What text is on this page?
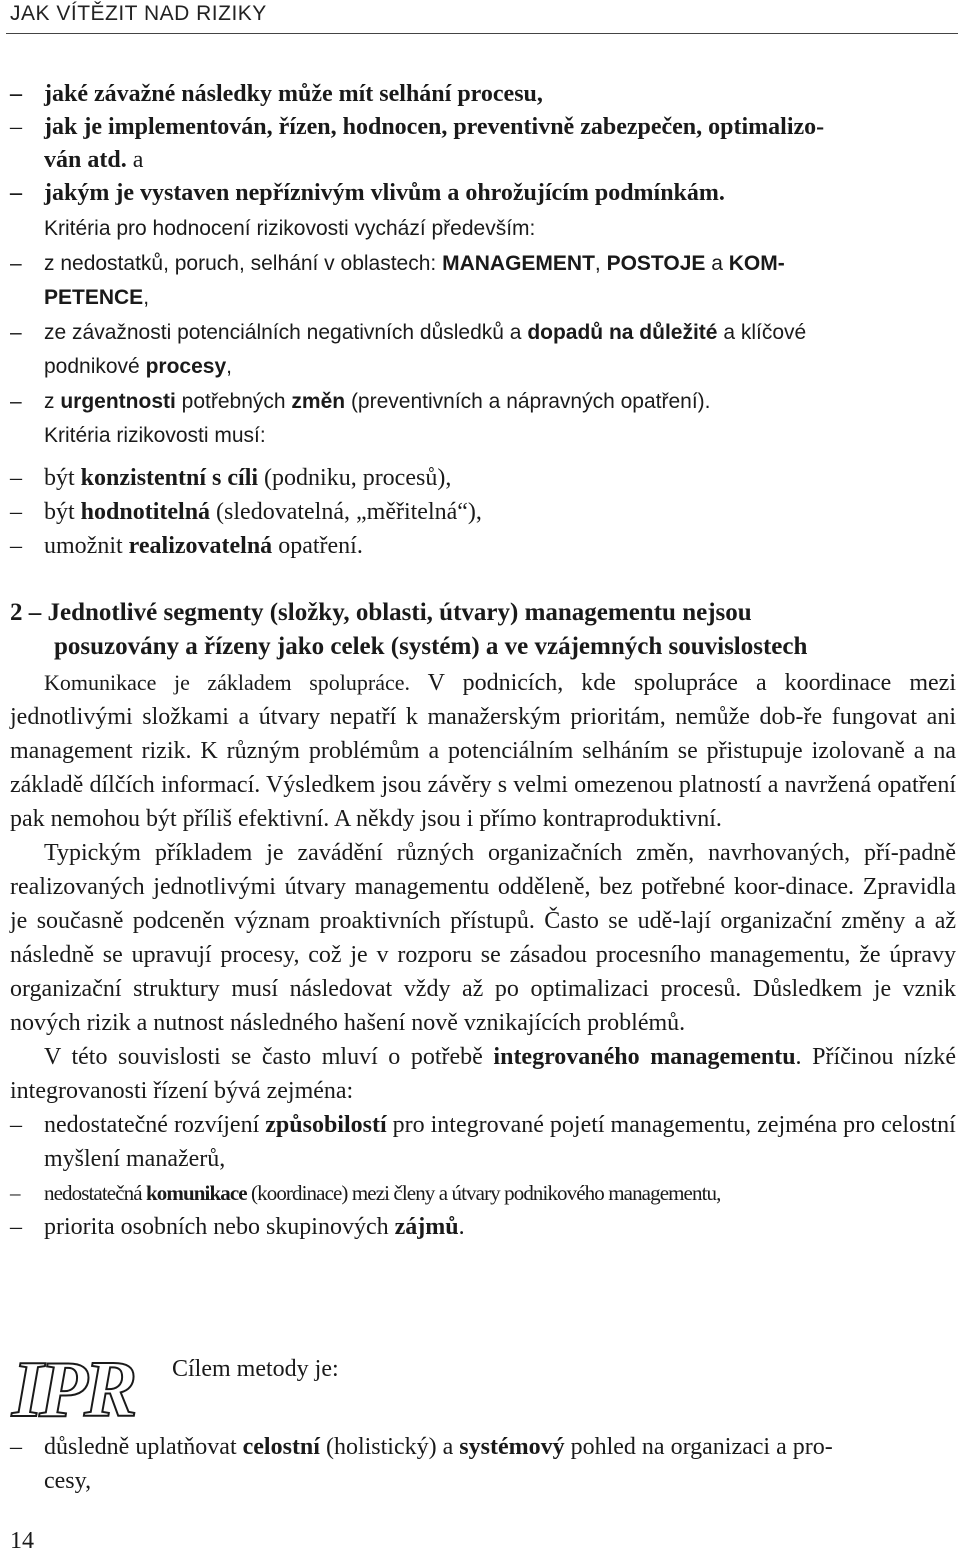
JAK VÍTĚZIT NAD RIZIKY
– jaké závažné následky může mít selhání procesu,
– jak je implementován, řízen, hodnocen, preventivně zabezpečen, optimalizo-
ván atd. a
– jakým je vystaven nepříznivým vlivům a ohrožujícím podmínkám.
Kritéria pro hodnocení rizikovosti vychází především:
–	z nedostatků, poruch, selhání v oblastech: MANAGEMENT, POSTOJE a KOM-
PETENCE,
–	ze závažnosti potenciálních negativních důsledků a dopadů na důležité a klíčové
podnikové procesy,
–	z urgentnosti potřebných změn (preventivních a nápravných opatření).
Kritéria rizikovosti musí:
– být konzistentní s cíli (podniku, procesů),
– být hodnotitelná (sledovatelná, „měřitelná“),
– umožnit realizovatelná opatření.
2 – Jednotlivé segmenty (složky, oblasti, útvary) managementu nejsou
posuzovány a řízeny jako celek (systém) a ve vzájemných souvislostech

Komunikace je základem spolupráce. V podnicích, kde spolupráce a koordinace mezi jednotlivými složkami a útvary nepatří k manažerským prioritám, nemůže dob-ře fungovat ani management rizik. K různým problémům a potenciálním selháním se přistupuje izolovaně a na základě dílčích informací. Výsledkem jsou závěry s velmi omezenou platností a navržená opatření pak nemohou být příliš efektivní. A někdy jsou i přímo kontraproduktivní.

Typickým příkladem je zavádění různých organizačních změn, navrhovaných, pří-padně realizovaných jednotlivými útvary managementu odděleně, bez potřebné koor-dinace. Zpravidla je současně podceněn význam proaktivních přístupů. Často se udě-lají organizační změny a až následně se upravují procesy, což je v rozporu se zásadou procesního managementu, že úpravy organizační struktury musí následovat vždy až po optimalizaci procesů. Důsledkem je vznik nových rizik a nutnost následného hašení nově vznikajících problémů.

V této souvislosti se často mluví o potřebě integrovaného managementu. Příčinou nízké integrovanosti řízení bývá zejména:

– nedostatečné rozvíjení způsobilostí pro integrované pojetí managementu, zejména pro celostní myšlení manažerů,
–	nedostatečná komunikace (koordinace) mezi členy a útvary podnikového managementu,
– priorita osobních nebo skupinových zájmů.
IPR Cílem metody je:
– důsledně uplatňovat celostní (holistický) a systémový pohled na organizaci a pro-
cesy,
14
